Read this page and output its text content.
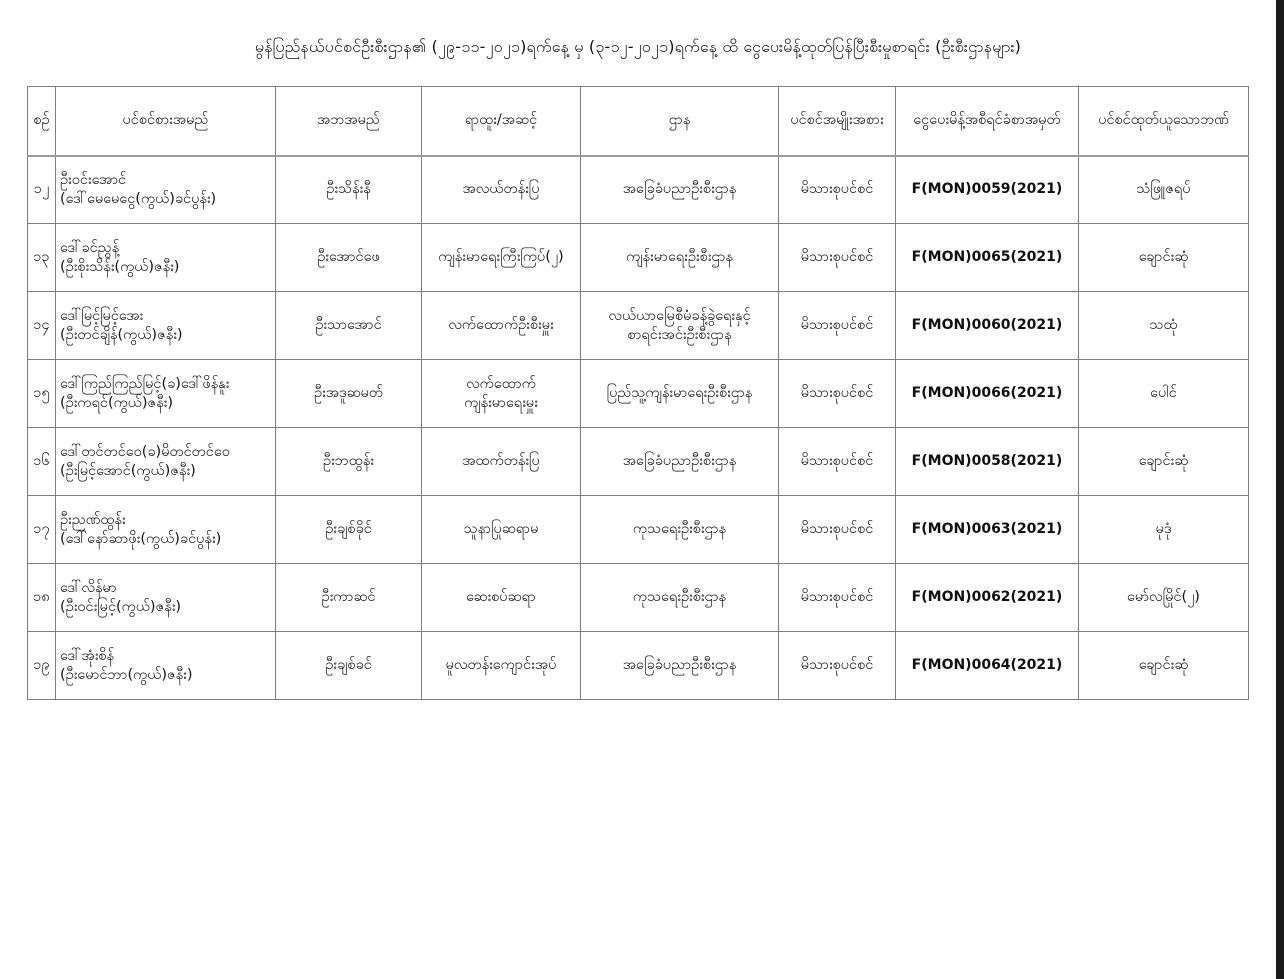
မွန်ပြည်နယ်ပင်စင်ဦးစီးဌာန၏ (၂၉-၁၁-၂၀၂၁)ရက်နေ့ မှ (၃-၁၂-၂၀၂၁)ရက်နေ့ ထိ ငွေပေးမိန့်ထုတ်ပြန်ပြီးစီးမှုစာရင်း (ဦးစီးဌာနများ)
စဉ်	ပင်စင်စားအမည်	အဘအမည်	ရာထူး/အဆင့်	ဌာန	ပင်စင်အမျိုးအစား	ငွေပေးမိန့်အစီရင်ခံစာအမှတ်	ပင်စင်ထုတ်ယူသောဘဏ်
၁၂	ဦးဝင်းအောင်
(ဒေါ်မေမေငွေ(ကွယ်)ခင်ပွန်း)	ဦးသိန်းနီ	အလယ်တန်းပြ	အခြေခံပညာဦးစီးဌာန	မိသားစုပင်စင်	F(MON)0059(2021)	သံဖြူဇရပ်
၁၃	ဒေါ်ခင်ညွန့်
(ဦးစိုးသိန်း(ကွယ်)ဇနီး)	ဦးအောင်ဖေ	ကျန်းမာရေးကြီးကြပ်(၂)	ကျန်းမာရေးဦးစီးဌာန	မိသားစုပင်စင်	F(MON)0065(2021)	ချောင်းဆုံ
၁၄	ဒေါ်မြင့်မြင့်အေး
(ဦးတင်ချိန်(ကွယ်)ဇနီး)	ဦးသာအောင်	လက်ထောက်ဦးစီးမှူး	လယ်ယာမြေစီမံခန့်ခွဲရေးနှင့်
စာရင်းအင်းဦးစီးဌာန	မိသားစုပင်စင်	F(MON)0060(2021)	သထုံ
၁၅	ဒေါ်ကြည်ကြည်မြင့်(ခ)ဒေါ်ဖိန်နူး
(ဦးကရင်(ကွယ်)ဇနီး)	ဦးအဒူဆမတ်	လက်ထောက်
ကျန်းမာရေးမှူး	ပြည်သူ့ကျန်းမာရေးဦးစီးဌာန	မိသားစုပင်စင်	F(MON)0066(2021)	ပေါင်
၁၆	ဒေါ်တင်တင်ဝေ(ခ)မိတင်တင်ဝေ
(ဦးမြင့်အောင်(ကွယ်)ဇနီး)	ဦးဘထွန်း	အထက်တန်းပြ	အခြေခံပညာဦးစီးဌာန	မိသားစုပင်စင်	F(MON)0058(2021)	ချောင်းဆုံ
၁၇	ဦးညဏ်ထွန်း
(ဒေါ်နော်ဆာဖိုး(ကွယ်)ခင်ပွန်း)	ဦးချစ်ခိုင်	သူနာပြုဆရာမ	ကုသရေးဦးစီးဌာန	မိသားစုပင်စင်	F(MON)0063(2021)	မုဒုံ
၁၈	ဒေါ်လိန်မာ
(ဦးဝင်းမြင့်(ကွယ်)ဇနီး)	ဦးကာဆင်	ဆေးစပ်ဆရာ	ကုသရေးဦးစီးဌာန	မိသားစုပင်စင်	F(MON)0062(2021)	မော်လမြိုင်(၂)
၁၉	ဒေါ်အုံးစိန်
(ဦးမောင်ဘာ(ကွယ်)ဇနီး)	ဦးချစ်ခင်	မူလတန်းကျောင်းအုပ်	အခြေခံပညာဦးစီးဌာန	မိသားစုပင်စင်	F(MON)0064(2021)	ချောင်းဆုံ
